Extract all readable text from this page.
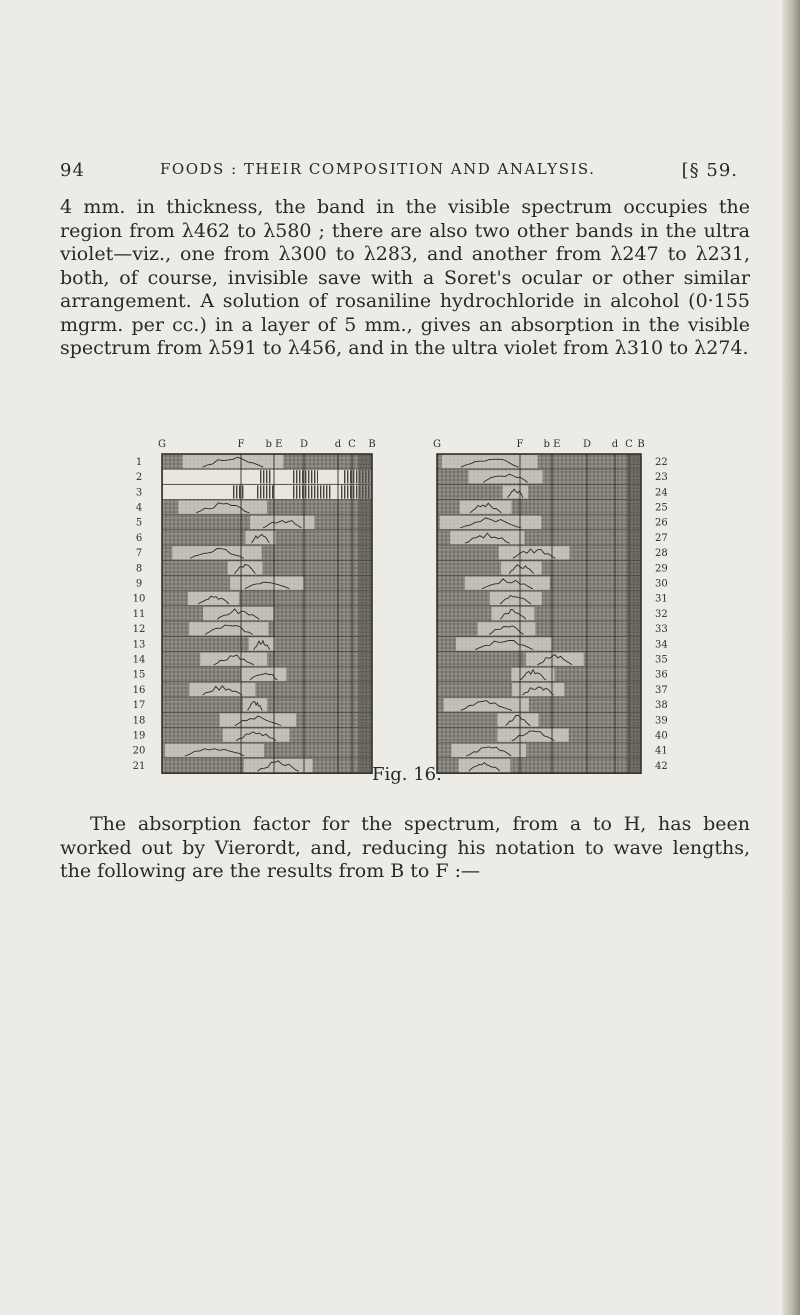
94	FOODS : THEIR COMPOSITION AND ANALYSIS.	[§ 59.

4 mm. in thickness, the band in the visible spectrum occupies the region from λ462 to λ580 ; there are also two other bands in the ultra violet—viz., one from λ300 to λ283, and another from λ247 to λ231, both, of course, invisible save with a Soret's ocular or other similar arrangement. A solution of rosaniline hydrochloride in alcohol (0·155 mgrm. per cc.) in a layer of 5 mm., gives an absorption in the visible spectrum from λ591 to λ456, and in the ultra violet from λ310 to λ274.

G	F b E D	d C B
1
2
3
4
5
6
7
8
9
10
11
12
13
14
15
16
17
18
19
20
21
G	F b E D d C B
22
23
24
25
26
27
28
29
30
31
32
33
34
35
36
37
38
39
40
41
42
Fig. 16.

The absorption factor for the spectrum, from a to H, has been worked out by Vierordt, and, reducing his notation to wave lengths, the following are the results from B to F :—
